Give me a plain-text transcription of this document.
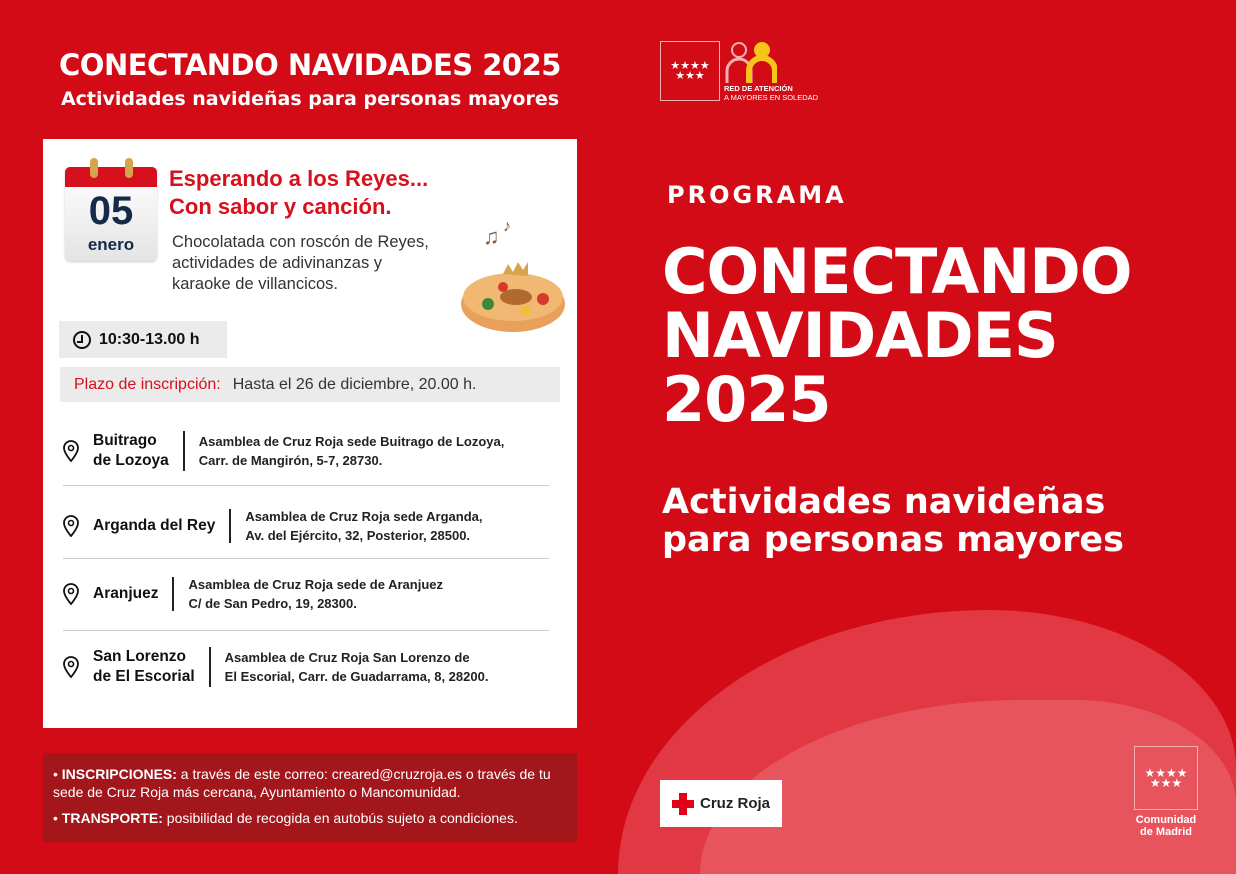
CONECTANDO NAVIDADES 2025
Actividades navideñas para personas mayores
05
enero
Esperando a los Reyes...
Con sabor y canción.
Chocolatada con roscón de Reyes,
actividades de adivinanzas y
karaoke de villancicos.
♫ ♪
10:30-13.00 h
Plazo de inscripción: Hasta el 26 de diciembre, 20.00 h.
Buitrago
de Lozoya
Asamblea de Cruz Roja sede Buitrago de Lozoya,
Carr. de Mangirón, 5-7, 28730.
Arganda del Rey
Asamblea de Cruz Roja sede Arganda,
Av. del Ejército, 32, Posterior, 28500.
Aranjuez
Asamblea de Cruz Roja sede de Aranjuez
C/ de San Pedro, 19, 28300.
San Lorenzo
de El Escorial
Asamblea de Cruz Roja San Lorenzo de
El Escorial, Carr. de Guadarrama, 8, 28200.

• INSCRIPCIONES: a través de este correo: creared@cruzroja.es o través de tu sede de Cruz Roja más cercana, Ayuntamiento o Mancomunidad.

• TRANSPORTE: posibilidad de recogida en autobús sujeto a condiciones.

★★★★ ★★★
RED DE ATENCIÓN
A MAYORES EN SOLEDAD
PROGRAMA
CONECTANDO
NAVIDADES
2025
Actividades navideñas
para personas mayores
Cruz Roja
★★★★ ★★★
Comunidad
de Madrid
